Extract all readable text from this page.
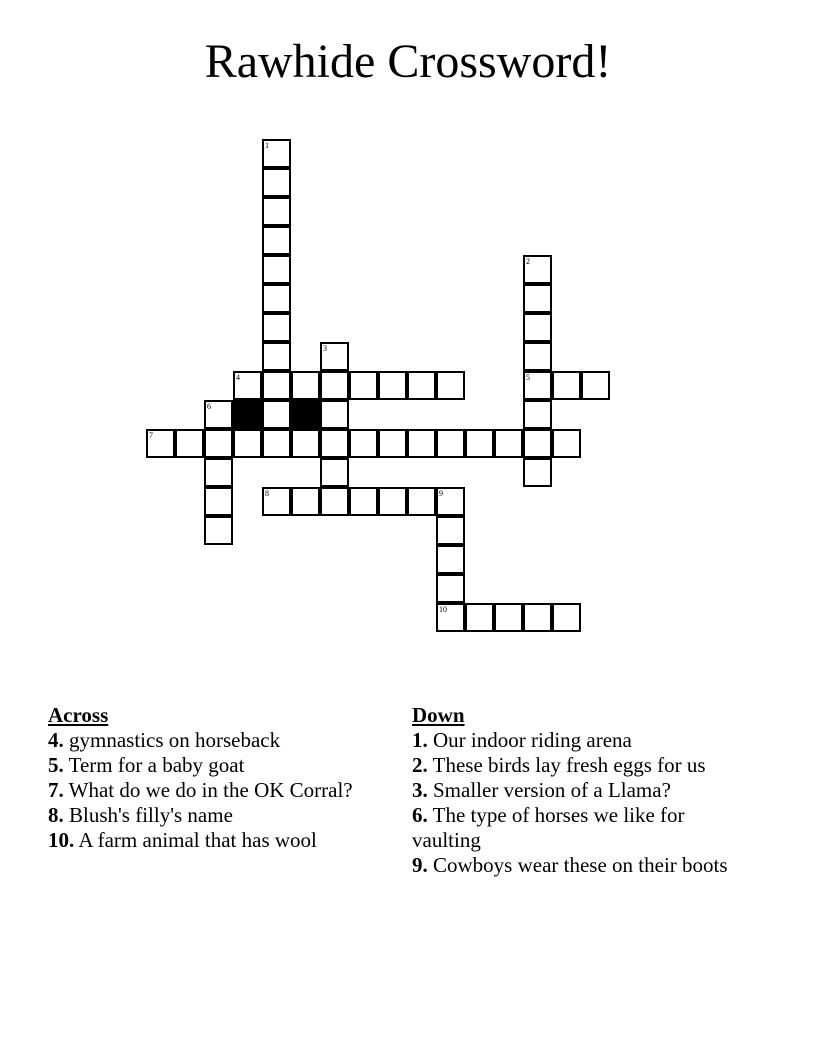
Rawhide Crossword!
1
2
5
3
4
6
7
8	9
10
Across

4. gymnastics on horseback

5. Term for a baby goat

7. What do we do in the OK Corral?

8. Blush's filly's name

10. A farm animal that has wool

Down

1. Our indoor riding arena

2. These birds lay fresh eggs for us

3. Smaller version of a Llama?

6. The type of horses we like for vaulting

9. Cowboys wear these on their boots
